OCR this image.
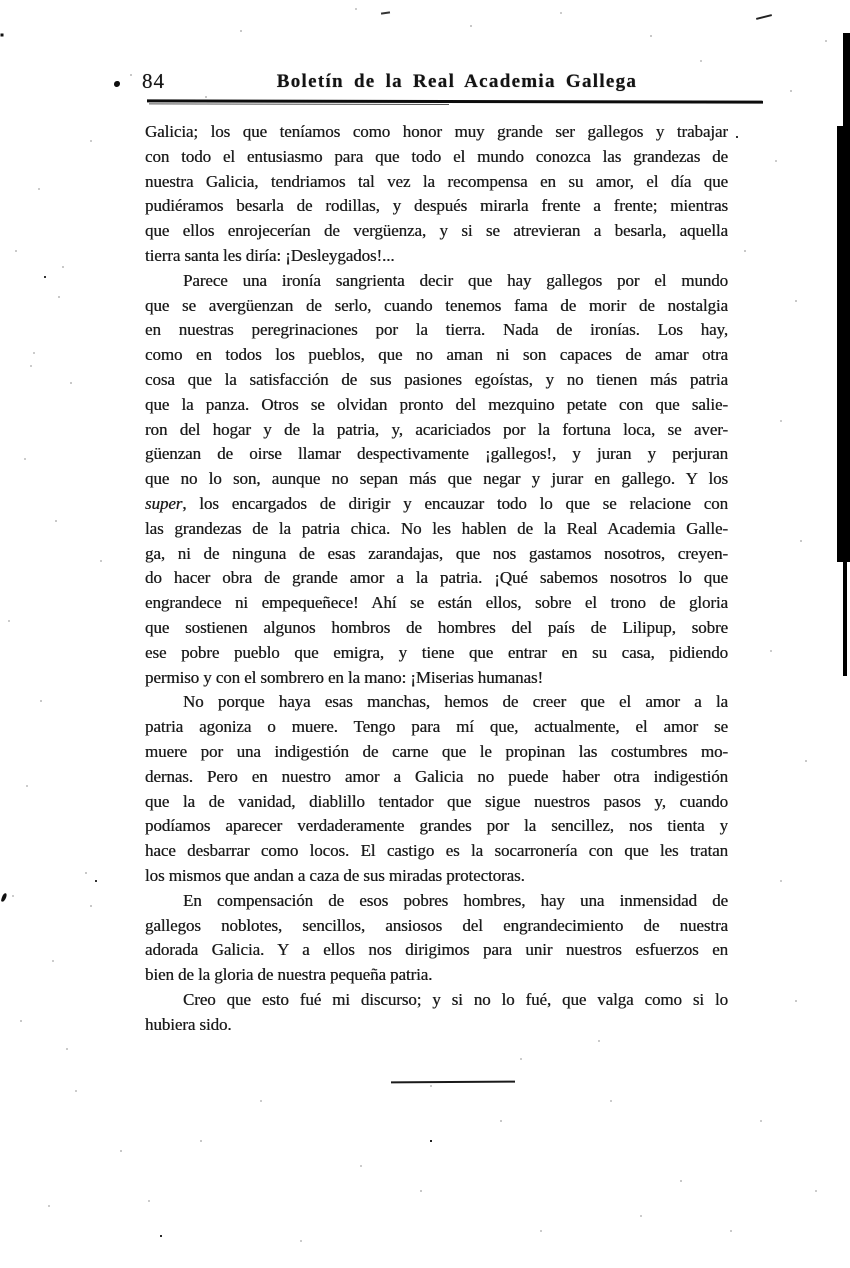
84	Boletín de la Real Academia Gallega
Galicia; los que teníamos como honor muy grande ser gallegos y trabajar
con todo el entusiasmo para que todo el mundo conozca las grandezas de
nuestra Galicia, tendriamos tal vez la recompensa en su amor, el día que
pudiéramos besarla de rodillas, y después mirarla frente a frente; mientras
que ellos enrojecerían de vergüenza, y si se atrevieran a besarla, aquella
tierra santa les diría: ¡Desleygados!...
Parece una ironía sangrienta decir que hay gallegos por el mundo
que se avergüenzan de serlo, cuando tenemos fama de morir de nostalgia
en nuestras peregrinaciones por la tierra. Nada de ironías. Los hay,
como en todos los pueblos, que no aman ni son capaces de amar otra
cosa que la satisfacción de sus pasiones egoístas, y no tienen más patria
que la panza. Otros se olvidan pronto del mezquino petate con que salie-
ron del hogar y de la patria, y, acariciados por la fortuna loca, se aver-
güenzan de oirse llamar despectivamente ¡gallegos!, y juran y perjuran
que no lo son, aunque no sepan más que negar y jurar en gallego. Y los
super, los encargados de dirigir y encauzar todo lo que se relacione con
las grandezas de la patria chica. No les hablen de la Real Academia Galle-
ga, ni de ninguna de esas zarandajas, que nos gastamos nosotros, creyen-
do hacer obra de grande amor a la patria. ¡Qué sabemos nosotros lo que
engrandece ni empequeñece! Ahí se están ellos, sobre el trono de gloria
que sostienen algunos hombros de hombres del país de Lilipup, sobre
ese pobre pueblo que emigra, y tiene que entrar en su casa, pidiendo
permiso y con el sombrero en la mano: ¡Miserias humanas!
No porque haya esas manchas, hemos de creer que el amor a la
patria agoniza o muere. Tengo para mí que, actualmente, el amor se
muere por una indigestión de carne que le propinan las costumbres mo-
dernas. Pero en nuestro amor a Galicia no puede haber otra indigestión
que la de vanidad, diablillo tentador que sigue nuestros pasos y, cuando
podíamos aparecer verdaderamente grandes por la sencillez, nos tienta y
hace desbarrar como locos. El castigo es la socarronería con que les tratan
los mismos que andan a caza de sus miradas protectoras.
En compensación de esos pobres hombres, hay una inmensidad de
gallegos noblotes, sencillos, ansiosos del engrandecimiento de nuestra
adorada Galicia. Y a ellos nos dirigimos para unir nuestros esfuerzos en
bien de la gloria de nuestra pequeña patria.
Creo que esto fué mi discurso; y si no lo fué, que valga como si lo
hubiera sido.
